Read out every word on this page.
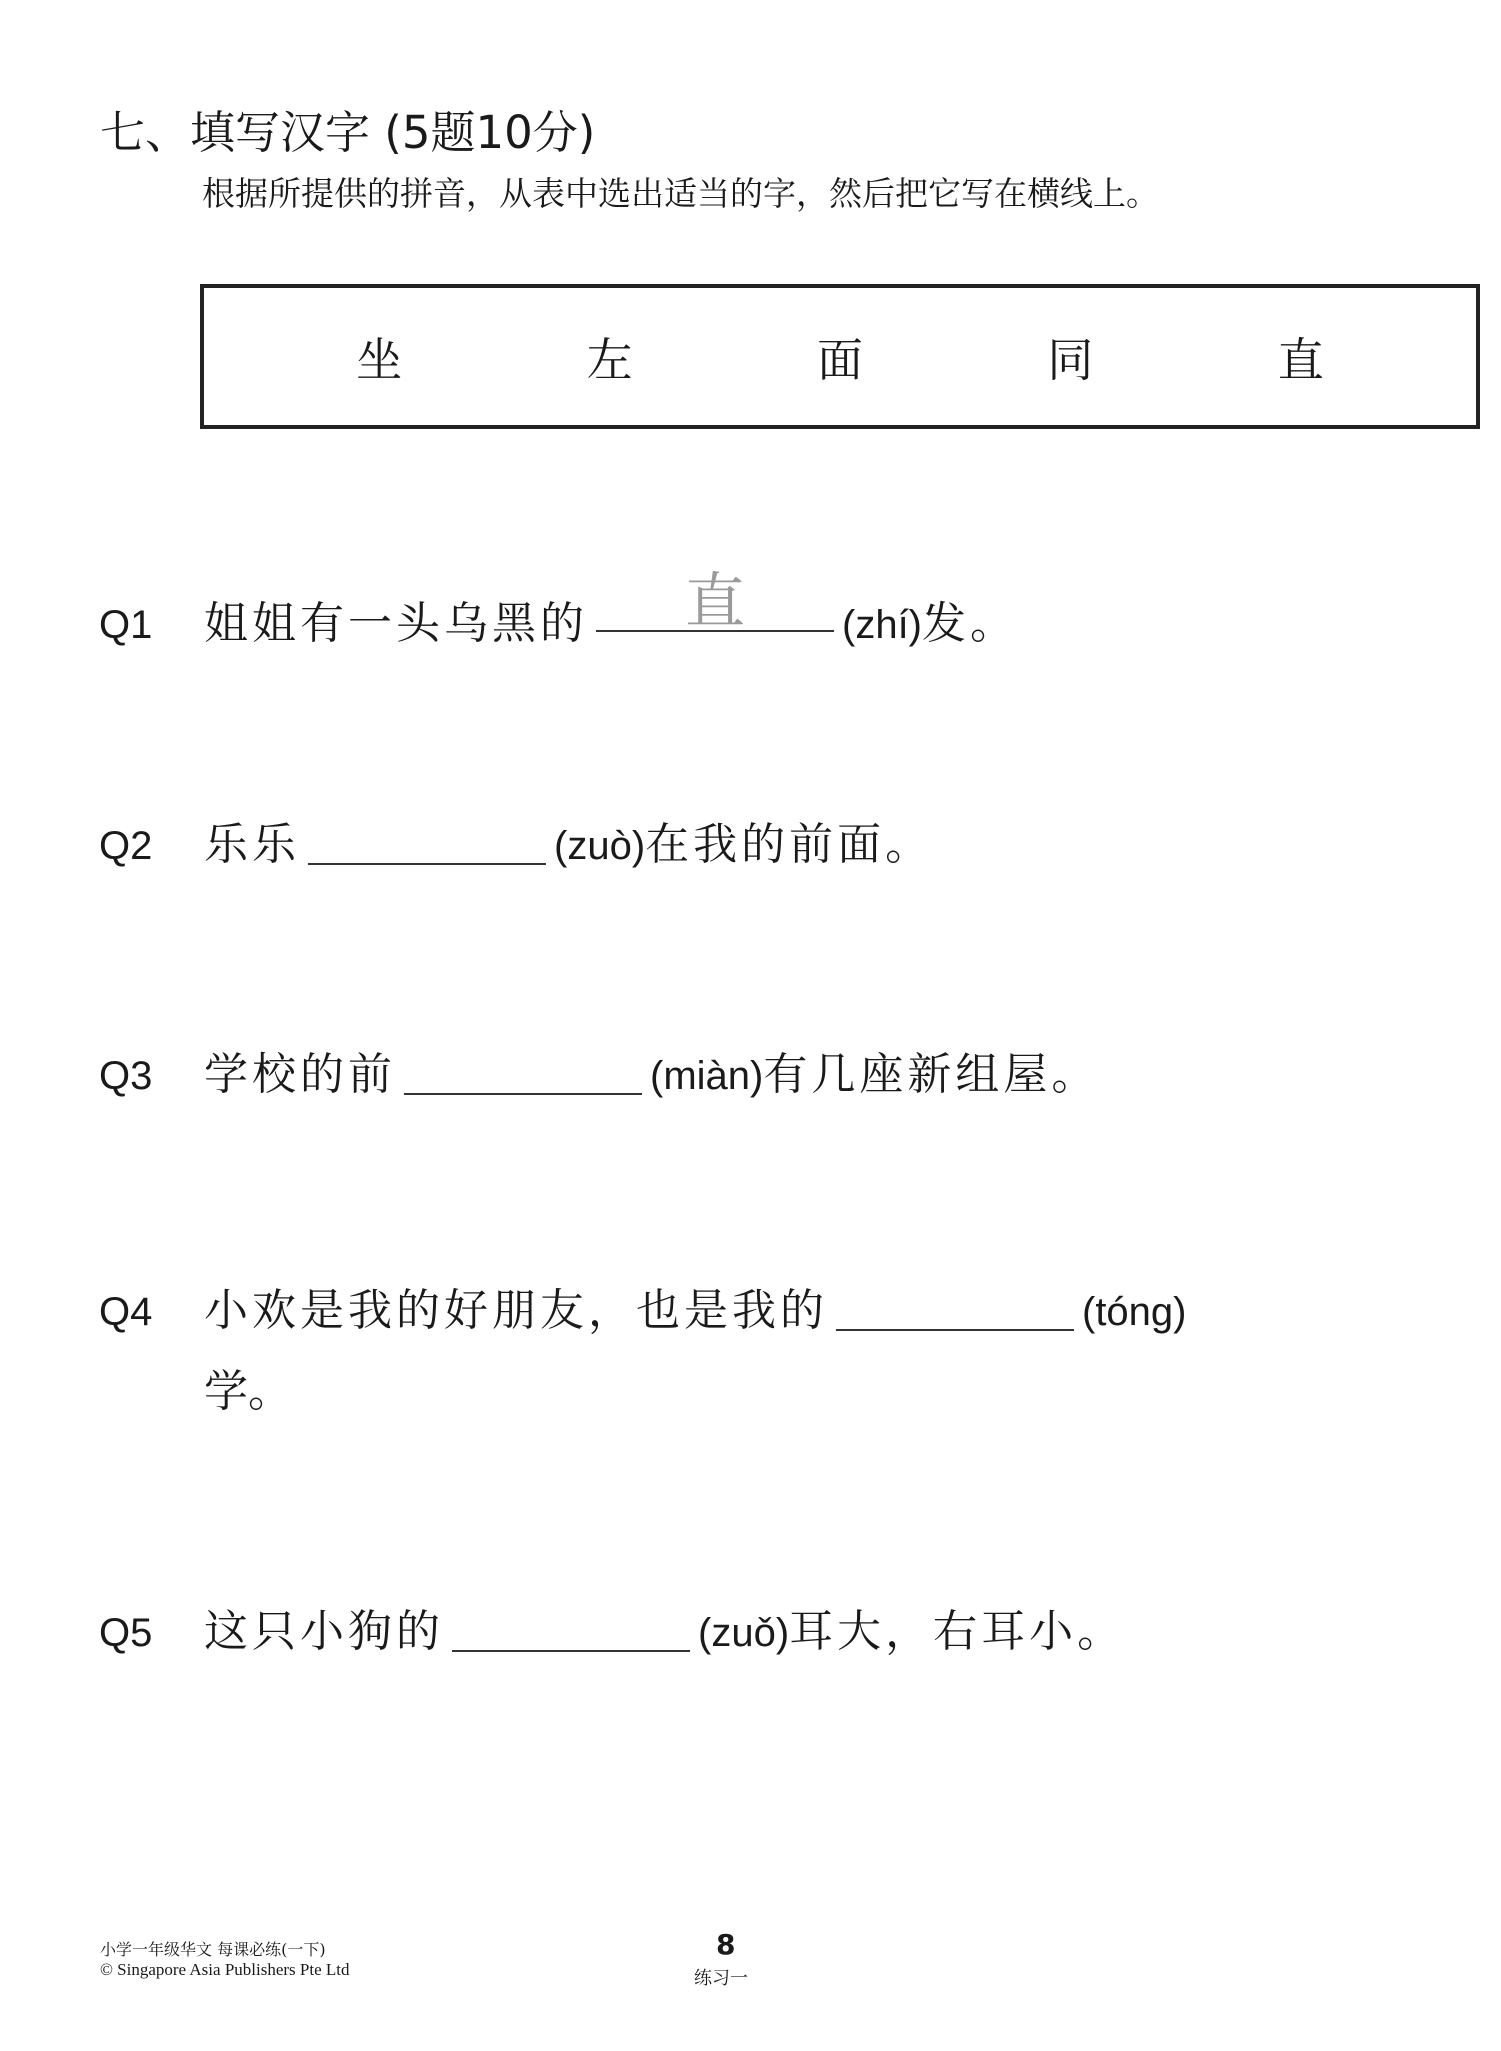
七、填写汉字 (5题10分)
根据所提供的拼音，从表中选出适当的字，然后把它写在横线上。
坐	左	面	同	直
Q1	姐姐有一头乌黑的	直	(zhí) 发。
Q2	乐乐	(zuò) 在我的前面。
Q3	学校的前	(miàn) 有几座新组屋。
Q4	小欢是我的好朋友，也是我的	(tóng)
学。
Q5	这只小狗的	(zuǒ) 耳大，右耳小。
小学一年级华文 每课必练(一下)
© Singapore Asia Publishers Pte Ltd
8
练习一
